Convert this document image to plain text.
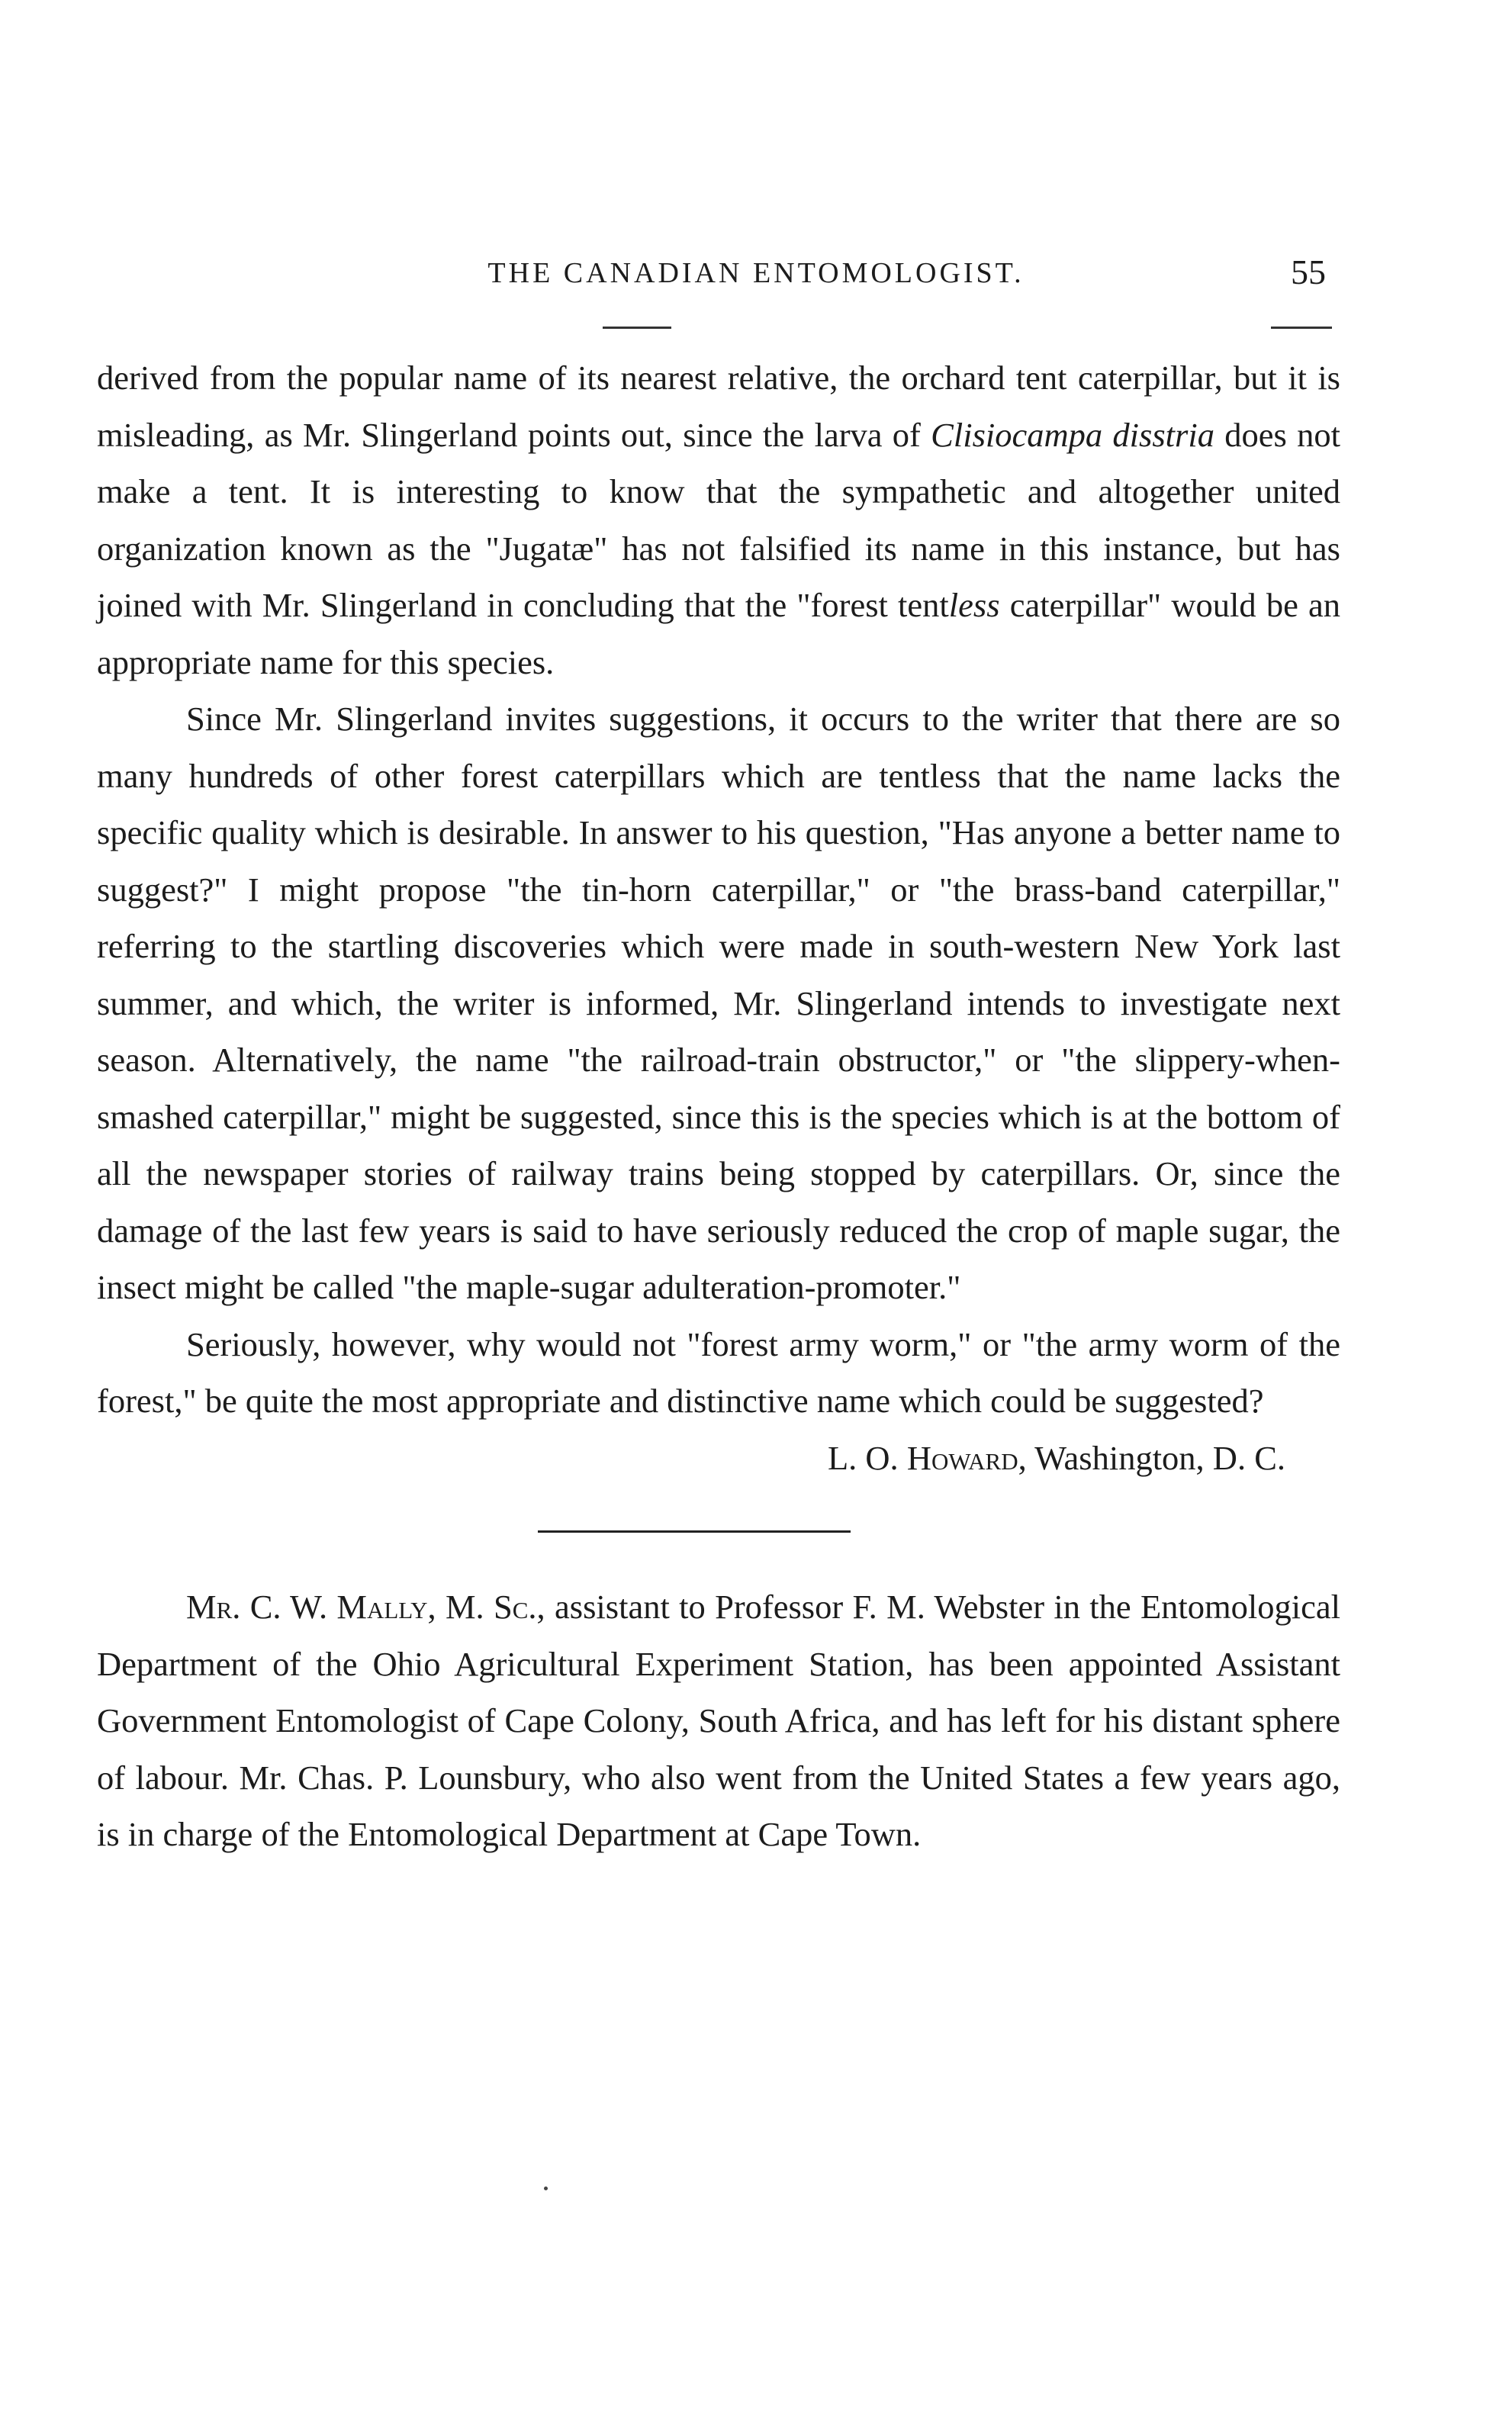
THE CANADIAN ENTOMOLOGIST.	55

derived from the popular name of its nearest relative, the orchard tent caterpillar, but it is misleading, as Mr. Slingerland points out, since the larva of Clisiocampa disstria does not make a tent. It is interesting to know that the sympathetic and altogether united organization known as the "Jugatæ" has not falsified its name in this instance, but has joined with Mr. Slingerland in concluding that the "forest tentless caterpillar" would be an appropriate name for this species.

Since Mr. Slingerland invites suggestions, it occurs to the writer that there are so many hundreds of other forest caterpillars which are tentless that the name lacks the specific quality which is desirable. In answer to his question, "Has anyone a better name to suggest?" I might propose "the tin-horn caterpillar," or "the brass-band caterpillar," referring to the startling discoveries which were made in south-western New York last summer, and which, the writer is informed, Mr. Slingerland intends to investigate next season. Alternatively, the name "the railroad-train obstructor," or "the slippery-when-smashed caterpillar," might be suggested, since this is the species which is at the bottom of all the newspaper stories of railway trains being stopped by caterpillars. Or, since the damage of the last few years is said to have seriously reduced the crop of maple sugar, the insect might be called "the maple-sugar adulteration-promoter."

Seriously, however, why would not "forest army worm," or "the army worm of the forest," be quite the most appropriate and distinctive name which could be suggested?

L. O. Howard, Washington, D. C.

Mr. C. W. Mally, M. Sc., assistant to Professor F. M. Webster in the Entomological Department of the Ohio Agricultural Experiment Station, has been appointed Assistant Government Entomologist of Cape Colony, South Africa, and has left for his distant sphere of labour. Mr. Chas. P. Lounsbury, who also went from the United States a few years ago, is in charge of the Entomological Department at Cape Town.
